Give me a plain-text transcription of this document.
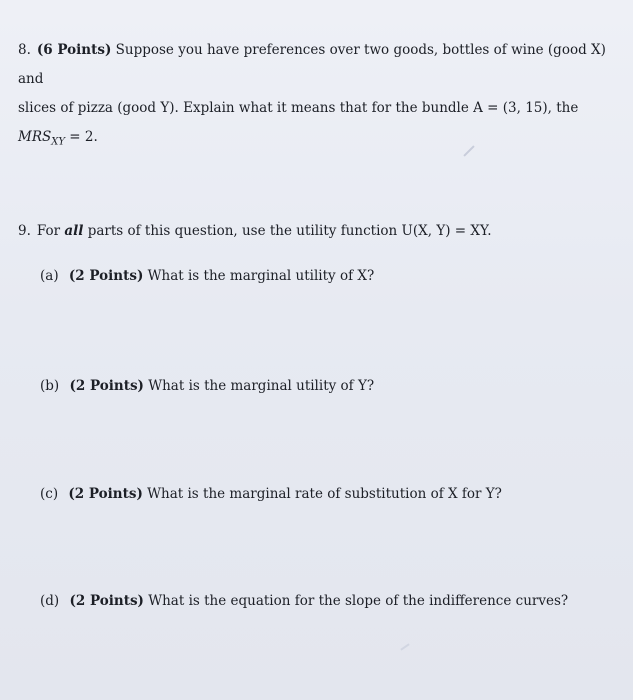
8. (6 Points) Suppose you have preferences over two goods, bottles of wine (good X) and
slices of pizza (good Y). Explain what it means that for the bundle A = (3, 15), the
$MRS_{XY} = 2$.
9. For all parts of this question, use the utility function U(X, Y) = XY.
(a) (2 Points) What is the marginal utility of X?
(b) (2 Points) What is the marginal utility of Y?
(c) (2 Points) What is the marginal rate of substitution of X for Y?
(d) (2 Points) What is the equation for the slope of the indifference curves?
